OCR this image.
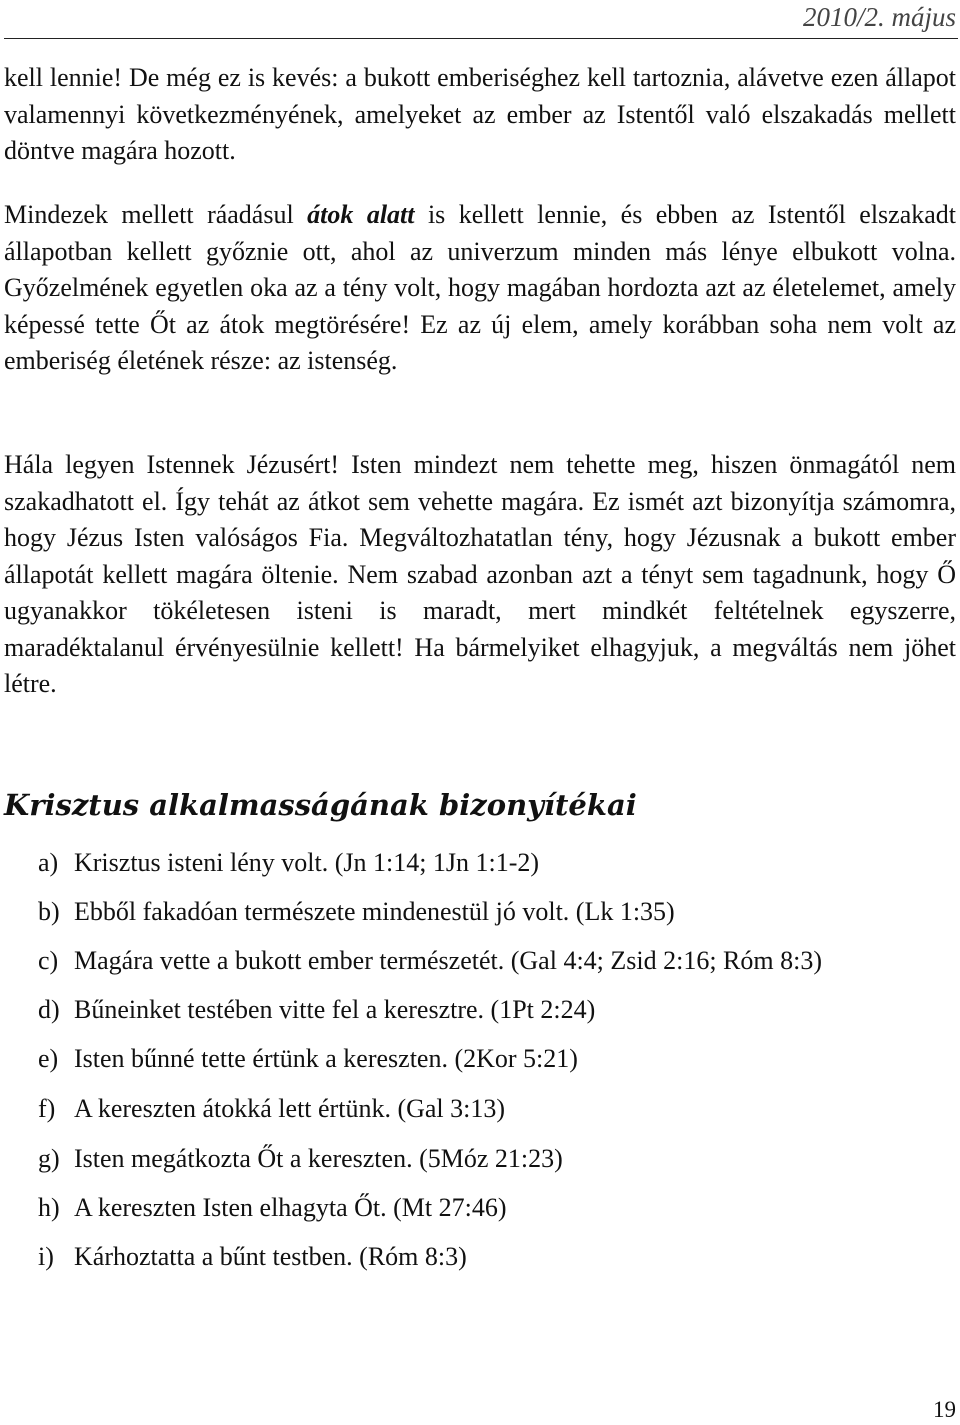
2010/2. május

kell lennie! De még ez is kevés: a bukott emberiséghez kell tartoznia, alávetve ezen állapot valamennyi következményének, amelyeket az ember az Istentől való elszakadás mellett döntve magára hozott.

Mindezek mellett ráadásul átok alatt is kellett lennie, és ebben az Istentől elszakadt állapotban kellett győznie ott, ahol az univerzum minden más lénye elbukott volna. Győzelmének egyetlen oka az a tény volt, hogy magában hordozta azt az életelemet, amely képessé tette Őt az átok megtörésére! Ez az új elem, amely korábban soha nem volt az emberiség életének része: az istenség.

Hála legyen Istennek Jézusért! Isten mindezt nem tehette meg, hiszen önmagától nem szakadhatott el. Így tehát az átkot sem vehette magára. Ez ismét azt bizonyítja számomra, hogy Jézus Isten valóságos Fia. Megváltozhatatlan tény, hogy Jézusnak a bukott ember állapotát kellett magára öltenie. Nem szabad azonban azt a tényt sem tagadnunk, hogy Ő ugyanakkor tökéletesen isteni is maradt, mert mindkét feltételnek egyszerre, maradéktalanul érvényesülnie kellett! Ha bármelyiket elhagyjuk, a megváltás nem jöhet létre.

Krisztus alkalmasságának bizonyítékai
a) Krisztus isteni lény volt. (Jn 1:14; 1Jn 1:1-2)
b) Ebből fakadóan természete mindenestül jó volt. (Lk 1:35)
c) Magára vette a bukott ember természetét. (Gal 4:4; Zsid 2:16; Róm 8:3)
d) Bűneinket testében vitte fel a keresztre. (1Pt 2:24)
e) Isten bűnné tette értünk a kereszten. (2Kor 5:21)
f) A kereszten átokká lett értünk. (Gal 3:13)
g) Isten megátkozta Őt a kereszten. (5Móz 21:23)
h) A kereszten Isten elhagyta Őt. (Mt 27:46)
i) Kárhoztatta a bűnt testben. (Róm 8:3)
19
